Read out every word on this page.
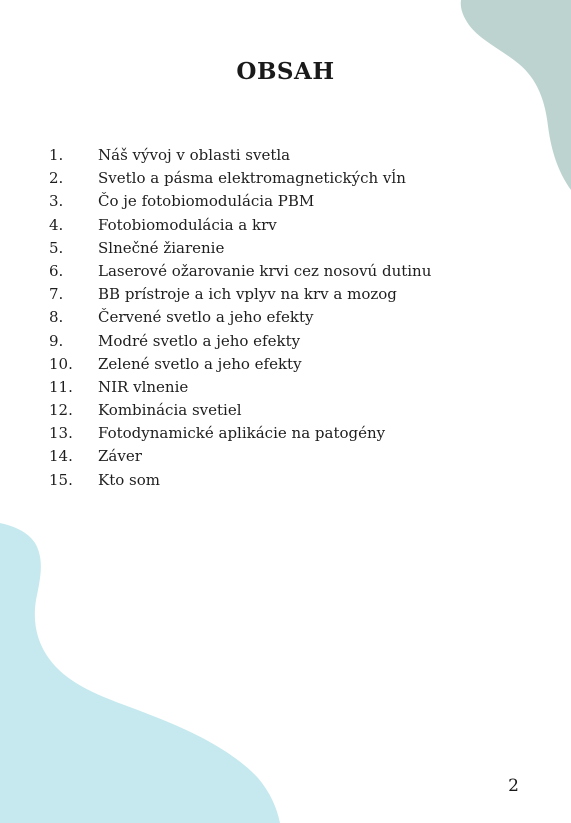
OBSAH
1.	Náš vývoj v oblasti svetla
2.	Svetlo a pásma elektromagnetických vĺn
3.	Čo je fotobiomodulácia PBM
4.	Fotobiomodulácia a krv
5.	Slnečné žiarenie
6.	Laserové ožarovanie krvi cez nosovú dutinu
7.	BB prístroje a ich vplyv na krv a mozog
8.	Červené svetlo a jeho efekty
9.	Modré svetlo a jeho efekty
10.	Zelené svetlo a jeho efekty
11.	NIR vlnenie
12.	Kombinácia svetiel
13.	Fotodynamické aplikácie na patogény
14.	Záver
15.	Kto som
2
